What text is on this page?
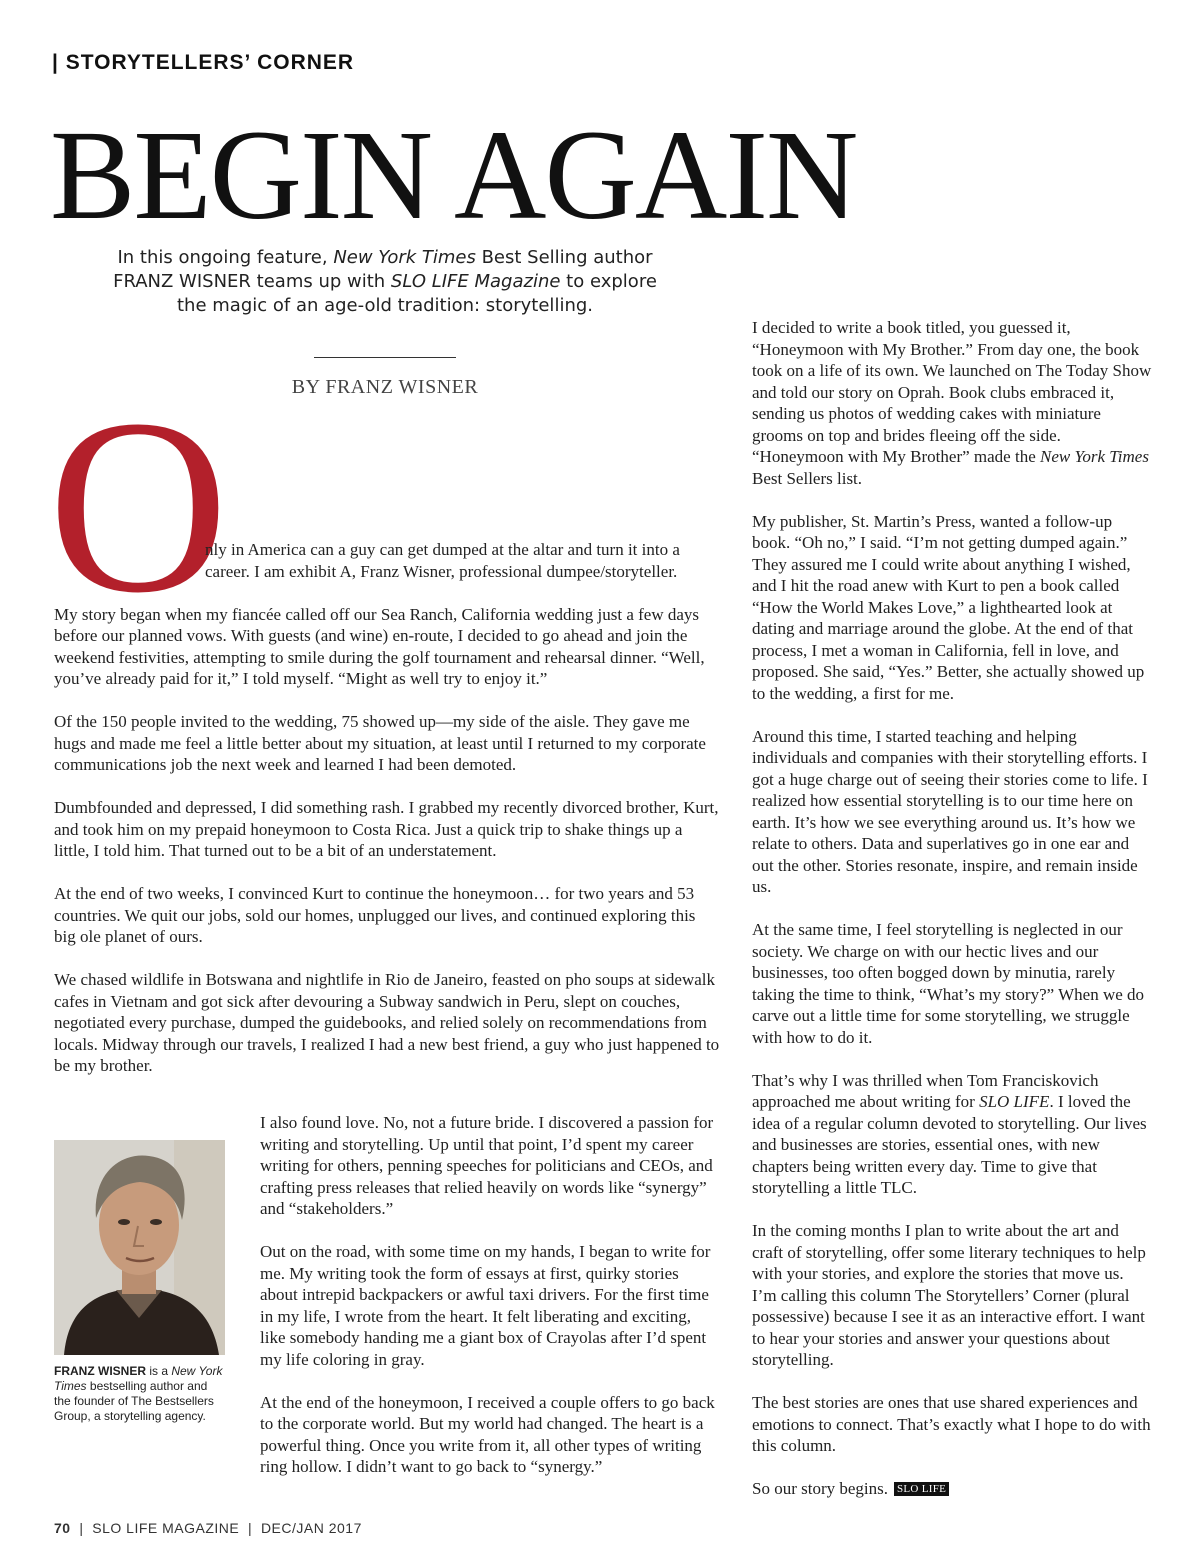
| STORYTELLERS’ CORNER
BEGIN AGAIN
In this ongoing feature, New York Times Best Selling author
FRANZ WISNER teams up with SLO LIFE Magazine to explore
the magic of an age-old tradition: storytelling.
BY FRANZ WISNER
O

nly in America can a guy can get dumped at the altar and turn it into a career. I am exhibit A, Franz Wisner, professional dumpee/storyteller.

My story began when my fiancée called off our Sea Ranch, California wedding just a few days before our planned vows. With guests (and wine) en-route, I decided to go ahead and join the weekend festivities, attempting to smile during the golf tournament and rehearsal dinner. “Well, you’ve already paid for it,” I told myself. “Might as well try to enjoy it.”

Of the 150 people invited to the wedding, 75 showed up—my side of the aisle. They gave me hugs and made me feel a little better about my situation, at least until I returned to my corporate communications job the next week and learned I had been demoted.

Dumbfounded and depressed, I did something rash. I grabbed my recently divorced brother, Kurt, and took him on my prepaid honeymoon to Costa Rica. Just a quick trip to shake things up a little, I told him. That turned out to be a bit of an understatement.

At the end of two weeks, I convinced Kurt to continue the honeymoon… for two years and 53 countries. We quit our jobs, sold our homes, unplugged our lives, and continued exploring this big ole planet of ours.

We chased wildlife in Botswana and nightlife in Rio de Janeiro, feasted on pho soups at sidewalk cafes in Vietnam and got sick after devouring a Subway sandwich in Peru, slept on couches, negotiated every purchase, dumped the guidebooks, and relied solely on recommendations from locals. Midway through our travels, I realized I had a new best friend, a guy who just happened to be my brother.

FRANZ WISNER is a New York Times bestselling author and the founder of The Bestsellers Group, a storytelling agency.

I also found love. No, not a future bride. I discovered a passion for writing and storytelling. Up until that point, I’d spent my career writing for others, penning speeches for politicians and CEOs, and crafting press releases that relied heavily on words like “synergy” and “stakeholders.”

Out on the road, with some time on my hands, I began to write for me. My writing took the form of essays at first, quirky stories about intrepid backpackers or awful taxi drivers. For the first time in my life, I wrote from the heart. It felt liberating and exciting, like somebody handing me a giant box of Crayolas after I’d spent my life coloring in gray.

At the end of the honeymoon, I received a couple offers to go back to the corporate world. But my world had changed. The heart is a powerful thing. Once you write from it, all other types of writing ring hollow. I didn’t want to go back to “synergy.”

I decided to write a book titled, you guessed it, “Honeymoon with My Brother.” From day one, the book took on a life of its own. We launched on The Today Show and told our story on Oprah. Book clubs embraced it, sending us photos of wedding cakes with miniature grooms on top and brides fleeing off the side. “Honeymoon with My Brother” made the New York Times Best Sellers list.

My publisher, St. Martin’s Press, wanted a follow-up book. “Oh no,” I said. “I’m not getting dumped again.” They assured me I could write about anything I wished, and I hit the road anew with Kurt to pen a book called “How the World Makes Love,” a lighthearted look at dating and marriage around the globe. At the end of that process, I met a woman in California, fell in love, and proposed. She said, “Yes.” Better, she actually showed up to the wedding, a first for me.

Around this time, I started teaching and helping individuals and companies with their storytelling efforts. I got a huge charge out of seeing their stories come to life. I realized how essential storytelling is to our time here on earth. It’s how we see everything around us. It’s how we relate to others. Data and superlatives go in one ear and out the other. Stories resonate, inspire, and remain inside us.

At the same time, I feel storytelling is neglected in our society. We charge on with our hectic lives and our businesses, too often bogged down by minutia, rarely taking the time to think, “What’s my story?” When we do carve out a little time for some storytelling, we struggle with how to do it.

That’s why I was thrilled when Tom Franciskovich approached me about writing for SLO LIFE. I loved the idea of a regular column devoted to storytelling. Our lives and businesses are stories, essential ones, with new chapters being written every day. Time to give that storytelling a little TLC.

In the coming months I plan to write about the art and craft of storytelling, offer some literary techniques to help with your stories, and explore the stories that move us. I’m calling this column The Storytellers’ Corner (plural possessive) because I see it as an interactive effort. I want to hear your stories and answer your questions about storytelling.

The best stories are ones that use shared experiences and emotions to connect. That’s exactly what I hope to do with this column.

So our story begins. SLO LIFE

70  |  SLO LIFE MAGAZINE  |  DEC/JAN 2017
